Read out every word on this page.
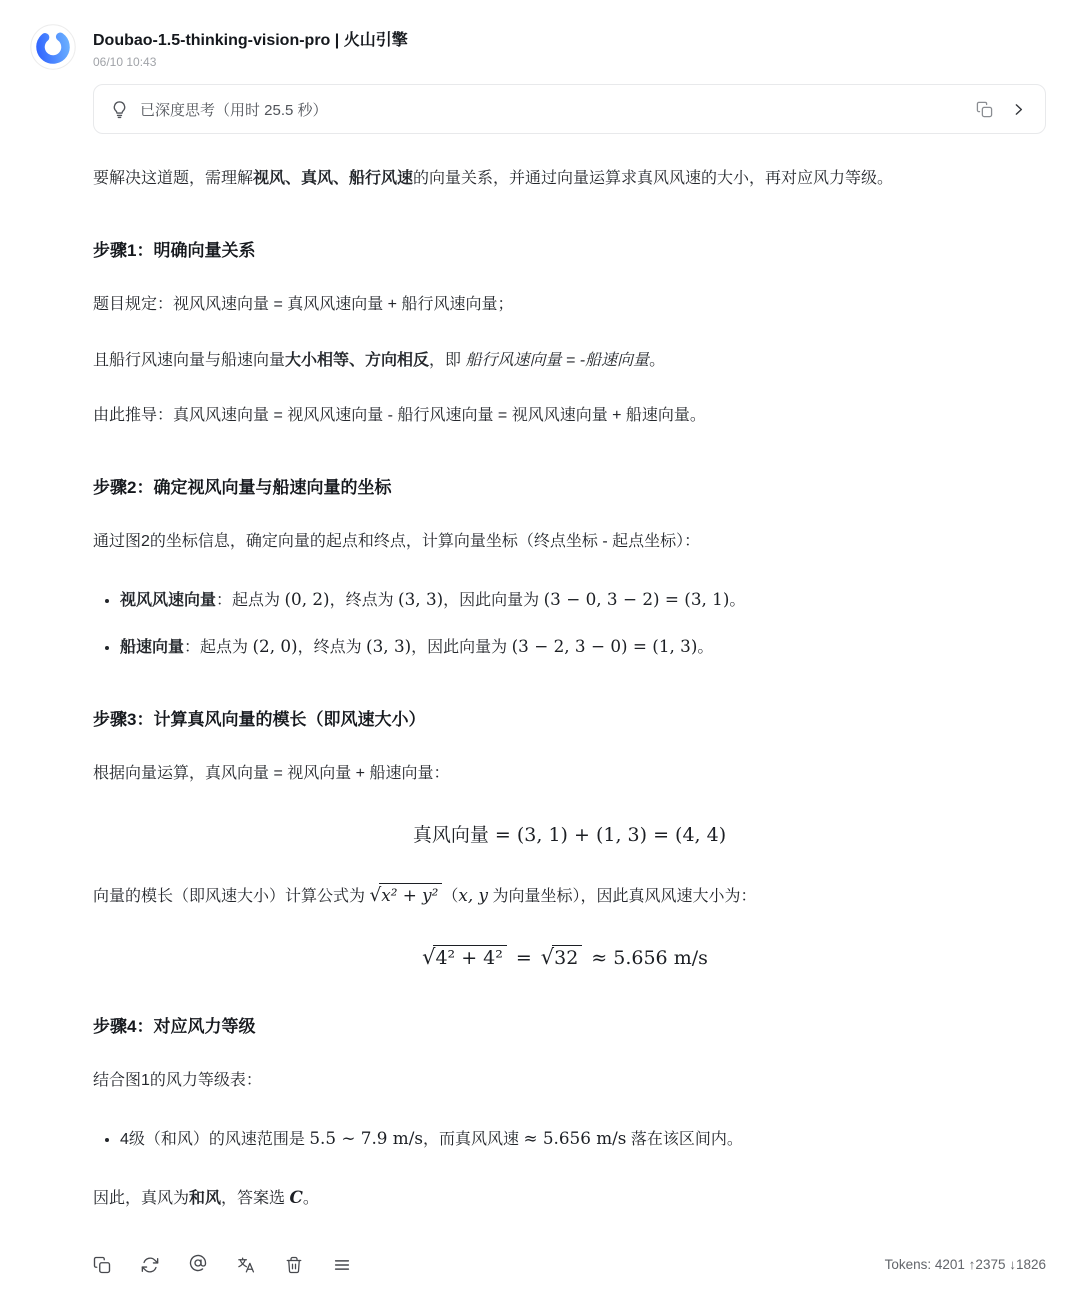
Doubao-1.5-thinking-vision-pro | 火山引擎
06/10 10:43
已深度思考（用时 25.5 秒）

要解决这道题，需理解视风、真风、船行风速的向量关系，并通过向量运算求真风风速的大小，再对应风力等级。

步骤1：明确向量关系

题目规定：视风风速向量 = 真风风速向量 + 船行风速向量；

且船行风速向量与船速向量大小相等、方向相反，即 船行风速向量 = -船速向量。

由此推导：真风风速向量 = 视风风速向量 - 船行风速向量 = 视风风速向量 + 船速向量。

步骤2：确定视风向量与船速向量的坐标

通过图2的坐标信息，确定向量的起点和终点，计算向量坐标（终点坐标 - 起点坐标）：

• 视风风速向量：起点为 (0, 2)，终点为 (3, 3)，因此向量为 (3 − 0, 3 − 2) = (3, 1)。
• 船速向量：起点为 (2, 0)，终点为 (3, 3)，因此向量为 (3 − 2, 3 − 0) = (1, 3)。
步骤3：计算真风向量的模长（即风速大小）

根据向量运算，真风向量 = 视风向量 + 船速向量：

真风向量 = (3, 1) + (1, 3) = (4, 4)

向量的模长（即风速大小）计算公式为 √x² + y² （x, y 为向量坐标），因此真风风速大小为：

√4² + 4² = √32 ≈ 5.656 m/s
步骤4：对应风力等级

结合图1的风力等级表：

• 4级（和风）的风速范围是 5.5 ∼ 7.9 m/s，而真风风速 ≈ 5.656 m/s 落在该区间内。

因此，真风为和风，答案选 C。

Tokens: 4201 ↑2375 ↓1826
